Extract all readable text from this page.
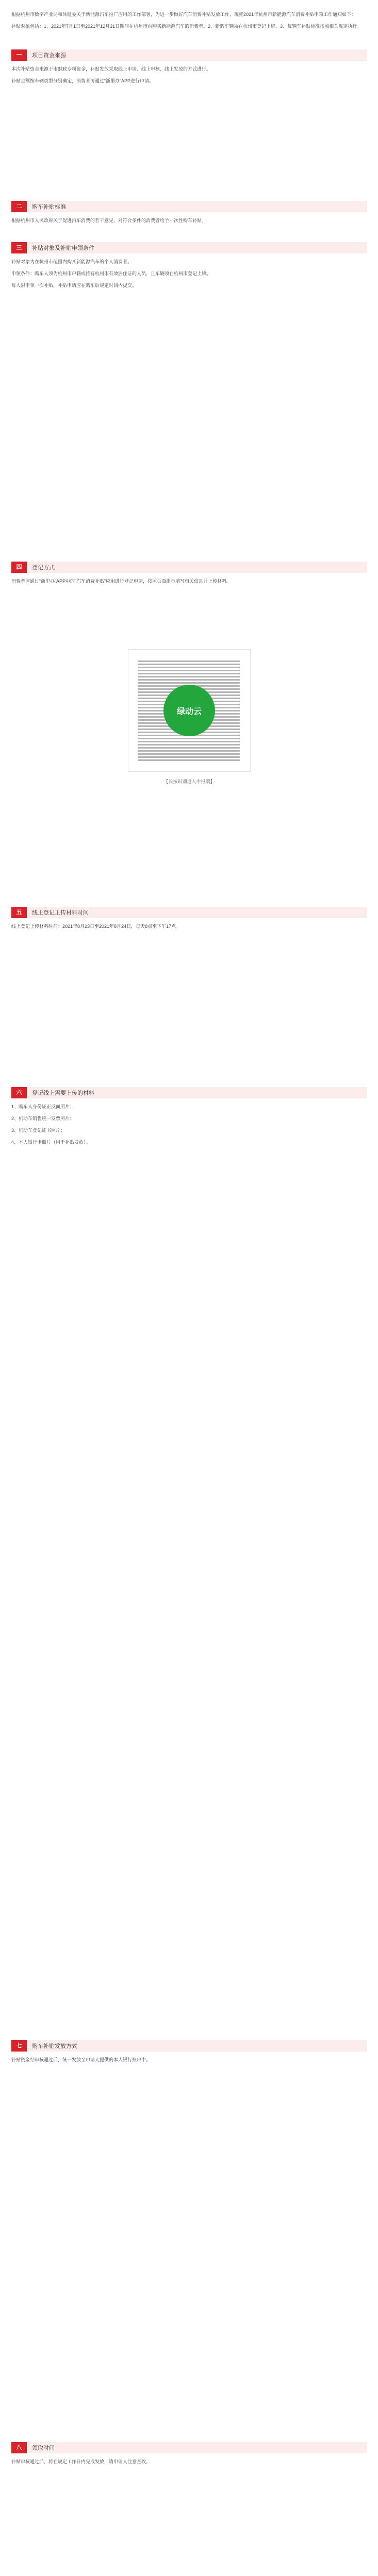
根据杭州市数字产业局和体健委关于新能源汽车推广应用的工作部署，为进一步做好汽车消费补贴发放工作，现就2021年杭州市新能源汽车消费补贴申领工作通知如下：

补贴对象包括：1、2021年7月1日至2021年12月31日期间在杭州市内购买新能源汽车的消费者。2、新购车辆须在杭州市登记上牌。3、每辆车补贴标准按照相关规定执行。

一	项目资金来源

本次补贴资金来源于市财政专项资金，补贴发放采取线上申请、线上审核、线上发放的方式进行。

补贴金额按车辆类型分别确定，消费者可通过“浙里办”APP进行申请。

二	购车补贴标准

根据杭州市人民政府关于促进汽车消费的若干意见，对符合条件的消费者给予一次性购车补贴。

三	补贴对象及补贴申领条件

补贴对象为在杭州市范围内购买新能源汽车的个人消费者。

申领条件：购车人须为杭州市户籍或持有杭州市有效居住证的人员，且车辆须在杭州市登记上牌。

每人限申领一次补贴，补贴申请应在购车后规定时间内提交。

四	登记方式

消费者应通过“浙里办”APP中的“汽车消费补贴”应用进行登记申请，按照页面提示填写相关信息并上传材料。

绿动云
【长按识别进入申报端】
五	线上登记上传材料时间

线上登记上传材料时间：2021年8月23日至2021年8月24日，每天8点至下午17点。

六	登记线上需要上传的材料

1、购车人身份证正反面照片；

2、机动车销售统一发票照片；

3、机动车登记证书照片；

4、本人银行卡照片（用于补贴发放）。

七	购车补贴发放方式

补贴资金经审核通过后，统一发放至申请人提供的本人银行账户中。

八	领取时间

补贴审核通过后，将在规定工作日内完成发放，请申请人注意查收。
